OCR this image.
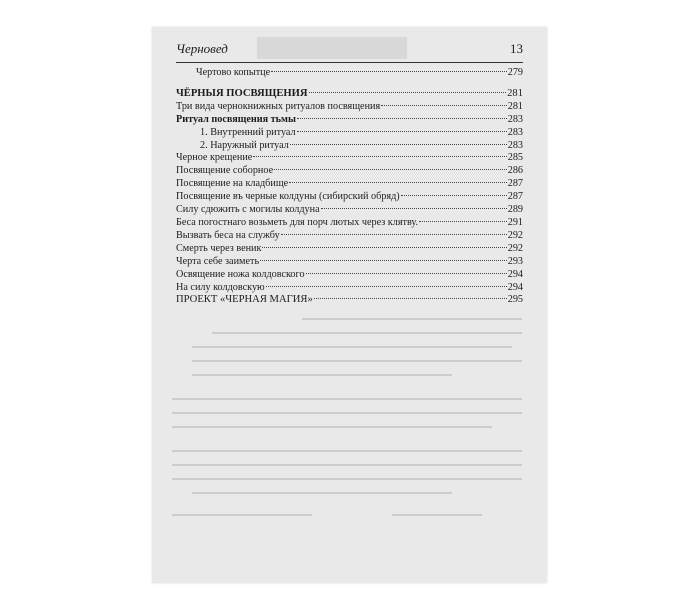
Черновед	13
Чертово копытце	279
ЧЁРНЫЯ ПОСВЯЩЕНИЯ	281
Три вида чернокнижных ритуалов посвящения	281
Ритуал посвящения тьмы	283
1. Внутренний ритуал	283
2. Наружный ритуал	283
Черное крещение	285
Посвящение соборное	286
Посвящение на кладбище	287
Посвящение въ черные колдуны (сибирский обряд)	287
Силу сдюжить с могилы колдуна	289
Беса погостнаго возьметь для порч лютых через клятву.	291
Вызвать беса на службу	292
Смерть через веник	292
Черта себе заиметь	293
Освящение ножа колдовского	294
На силу колдовскую	294
ПРОЕКТ «ЧЕРНАЯ МАГИЯ»	295
